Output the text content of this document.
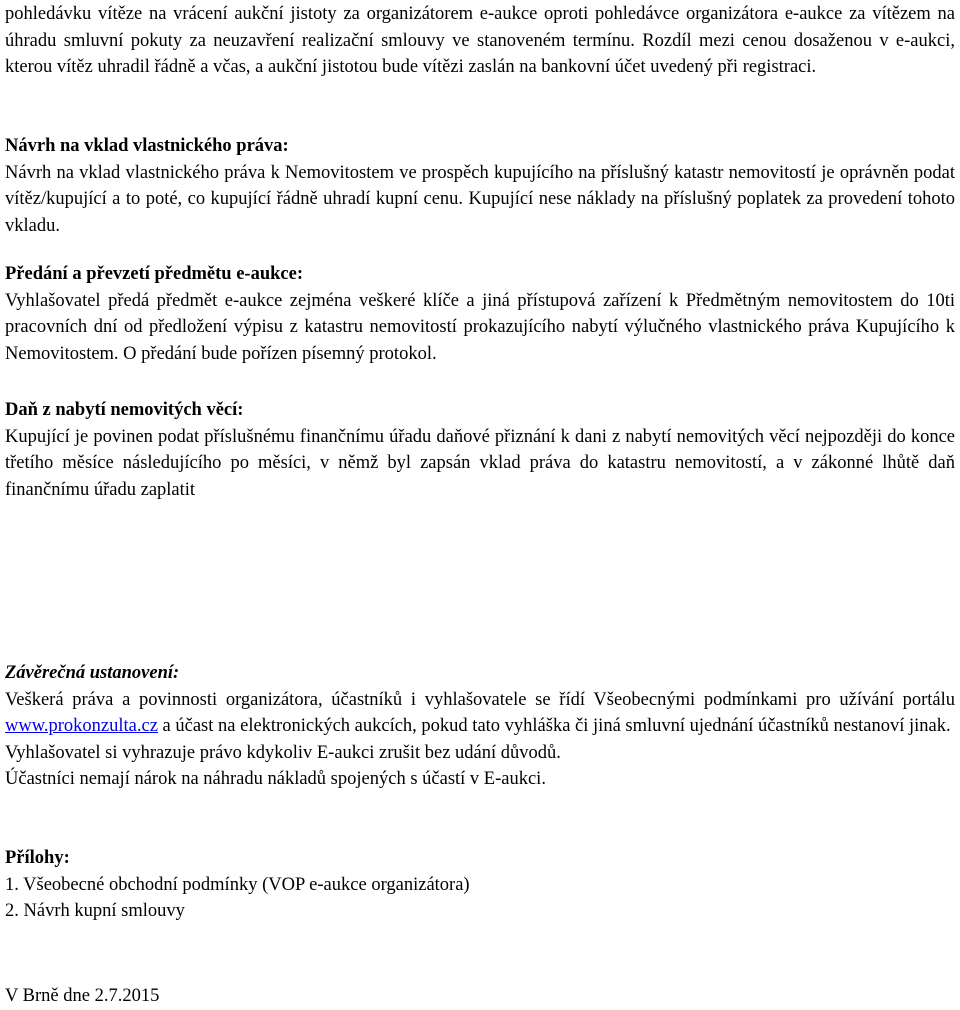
pohledávku vítěze na vrácení aukční jistoty za organizátorem e-aukce oproti pohledávce organizátora e-aukce za vítězem na úhradu smluvní pokuty za neuzavření realizační smlouvy ve stanoveném termínu. Rozdíl mezi cenou dosaženou v e-aukci, kterou vítěz uhradil řádně a včas, a aukční jistotou bude vítězi zaslán na bankovní účet uvedený při registraci.

Návrh na vklad vlastnického práva:

Návrh na vklad vlastnického práva k Nemovitostem ve prospěch kupujícího na příslušný katastr nemovitostí je oprávněn podat vítěz/kupující a to poté, co kupující řádně uhradí kupní cenu. Kupující nese náklady na příslušný poplatek za provedení tohoto vkladu.

Předání a převzetí předmětu e-aukce:

Vyhlašovatel předá předmět e-aukce zejména veškeré klíče a jiná přístupová zařízení k Předmětným nemovitostem do 10ti pracovních dní od předložení výpisu z katastru nemovitostí prokazujícího nabytí výlučného vlastnického práva Kupujícího k Nemovitostem. O předání bude pořízen písemný protokol.

Daň z nabytí nemovitých věcí:

Kupující je povinen podat příslušnému finančnímu úřadu daňové přiznání k dani z nabytí nemovitých věcí nejpozději do konce třetího měsíce následujícího po měsíci, v němž byl zapsán vklad práva do katastru nemovitostí, a v zákonné lhůtě daň finančnímu úřadu zaplatit

Závěrečná ustanovení:

Veškerá práva a povinnosti organizátora, účastníků i vyhlašovatele se řídí Všeobecnými podmínkami pro užívání portálu www.prokonzulta.cz a účast na elektronických aukcích, pokud tato vyhláška či jiná smluvní ujednání účastníků nestanoví jinak.

Vyhlašovatel si vyhrazuje právo kdykoliv E-aukci zrušit bez udání důvodů.

Účastníci nemají nárok na náhradu nákladů spojených s účastí v E-aukci.

Přílohy:
1. Všeobecné obchodní podmínky (VOP e-aukce organizátora)
2. Návrh kupní smlouvy
V Brně dne 2.7.2015
